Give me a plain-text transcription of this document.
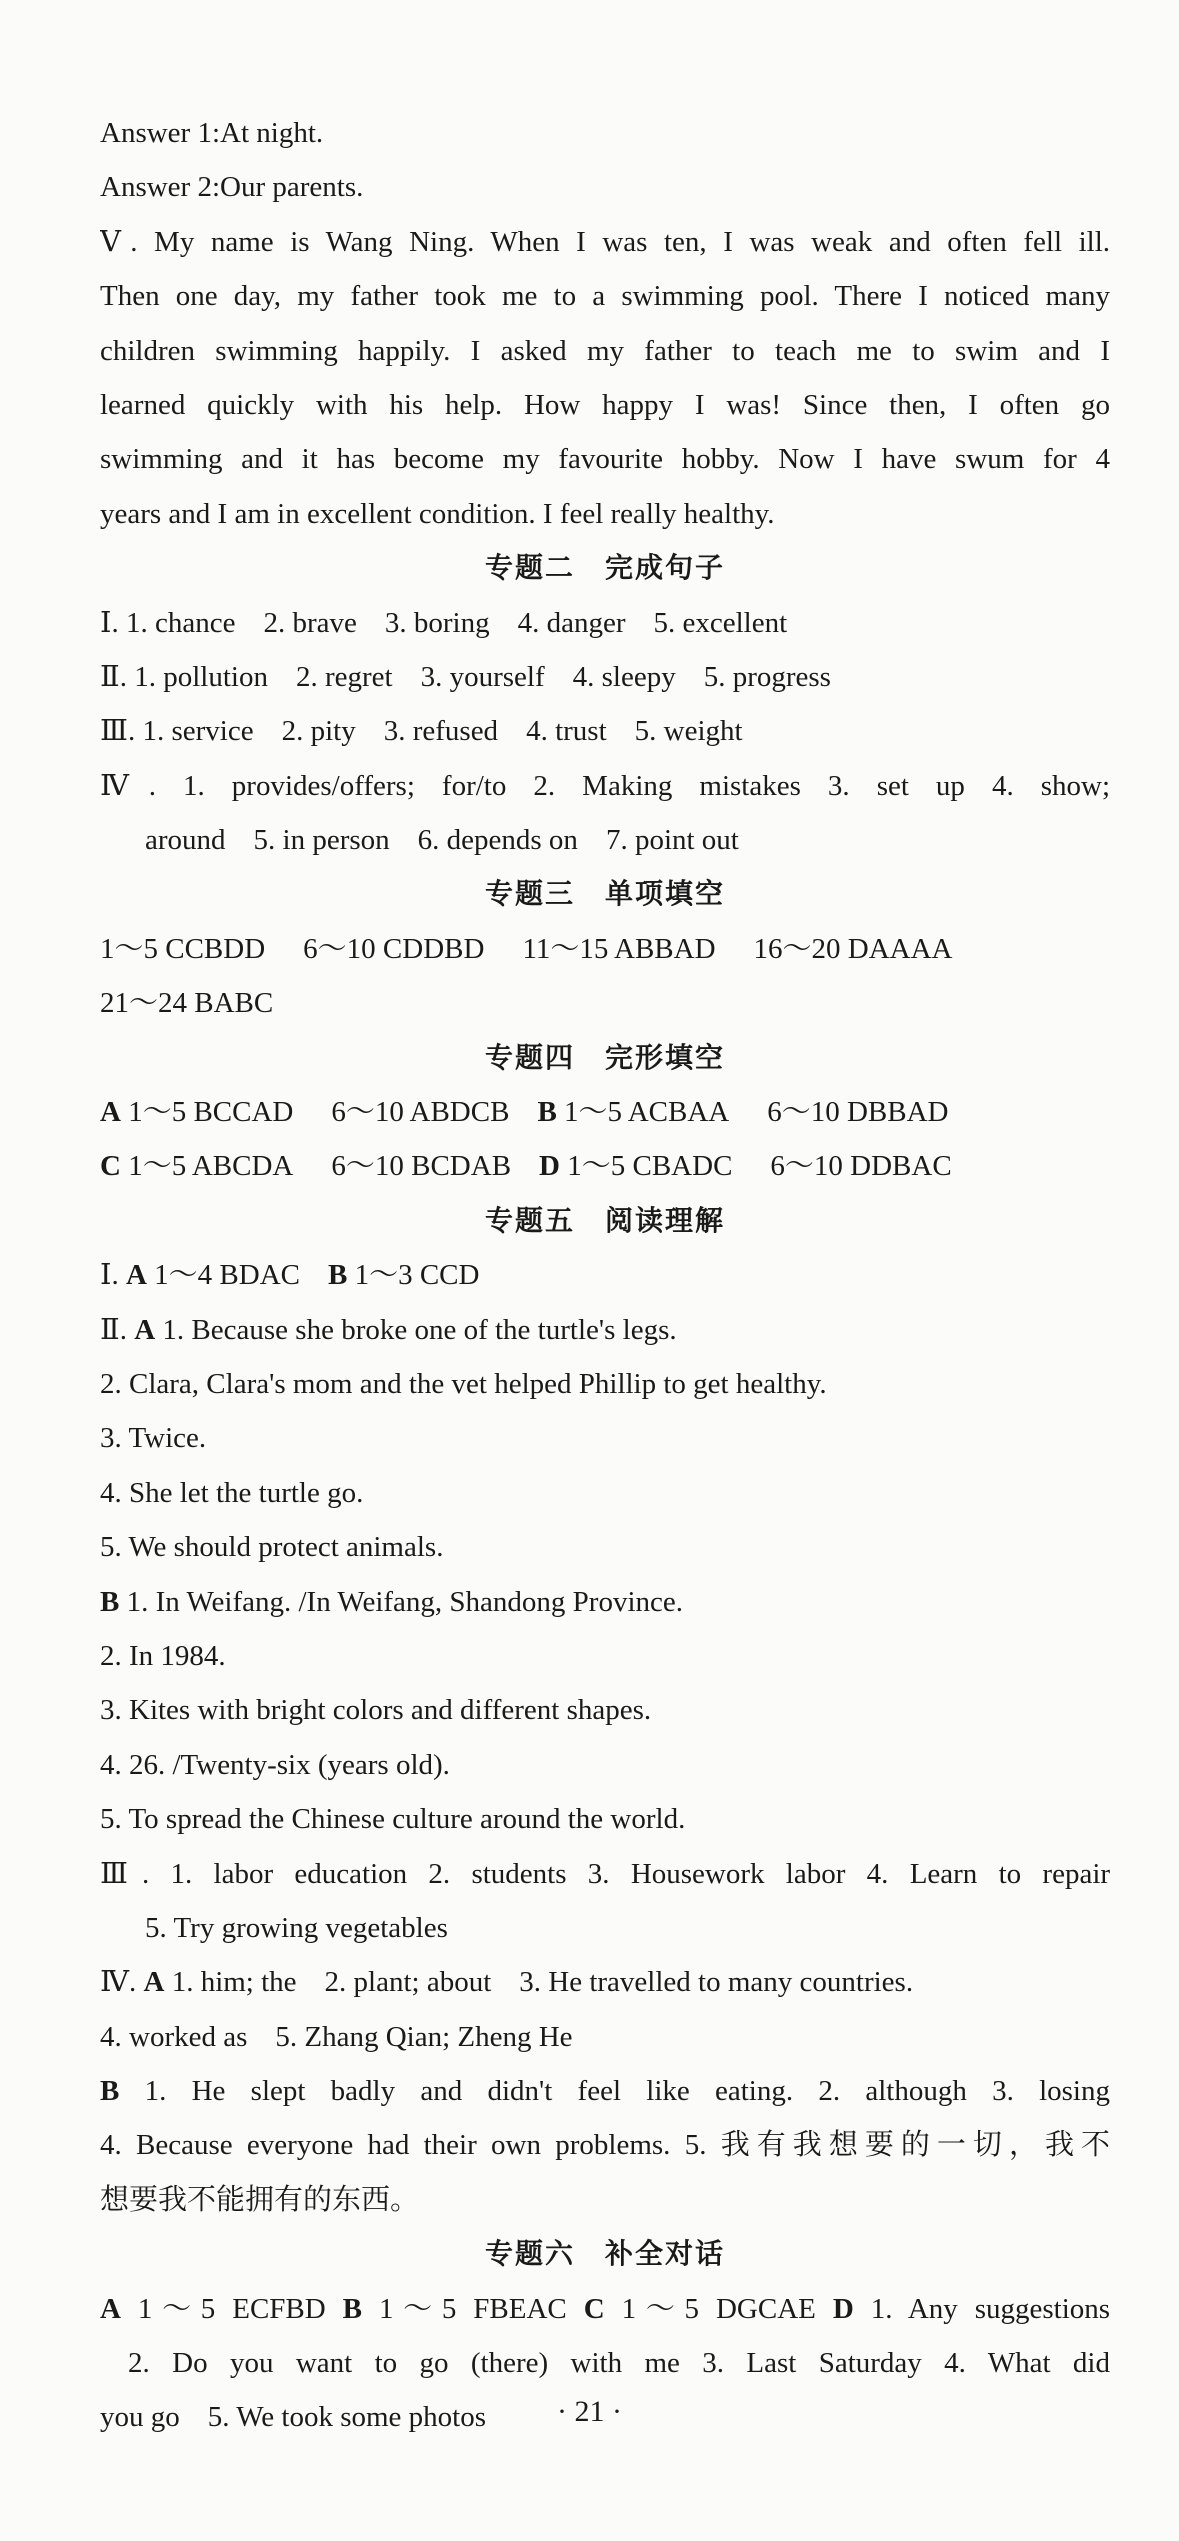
Answer 1:At night.
Answer 2:Our parents.
Ⅴ. My name is Wang Ning. When I was ten, I was weak and often fell ill.
Then one day, my father took me to a swimming pool. There I noticed many
children swimming happily. I asked my father to teach me to swim and I
learned quickly with his help. How happy I was! Since then, I often go
swimming and it has become my favourite hobby. Now I have swum for 4
years and I am in excellent condition. I feel really healthy.
专题二　完成句子
Ⅰ. 1. chance 2. brave 3. boring 4. danger 5. excellent
Ⅱ. 1. pollution 2. regret 3. yourself 4. sleepy 5. progress
Ⅲ. 1. service 2. pity 3. refused 4. trust 5. weight
Ⅳ. 1. provides/offers; for/to 2. Making mistakes 3. set up 4. show;
around 5. in person 6. depends on 7. point out
专题三　单项填空
1～5 CCBDD 6～10 CDDBD 11～15 ABBAD 16～20 DAAAA
21～24 BABC
专题四　完形填空
A 1～5 BCCAD 6～10 ABDCB B 1～5 ACBAA 6～10 DBBAD
C 1～5 ABCDA 6～10 BCDAB D 1～5 CBADC 6～10 DDBAC
专题五　阅读理解
Ⅰ. A 1～4 BDAC B 1～3 CCD
Ⅱ. A 1. Because she broke one of the turtle's legs.
2. Clara, Clara's mom and the vet helped Phillip to get healthy.
3. Twice.
4. She let the turtle go.
5. We should protect animals.
B 1. In Weifang. /In Weifang, Shandong Province.
2. In 1984.
3. Kites with bright colors and different shapes.
4. 26. /Twenty-six (years old).
5. To spread the Chinese culture around the world.
Ⅲ. 1. labor education 2. students 3. Housework labor 4. Learn to repair
5. Try growing vegetables
Ⅳ. A 1. him; the 2. plant; about 3. He travelled to many countries.
4. worked as 5. Zhang Qian; Zheng He
B 1. He slept badly and didn't feel like eating. 2. although 3. losing
4. Because everyone had their own problems. 5. 我有我想要的一切，我不
想要我不能拥有的东西。
专题六　补全对话
A 1～5 ECFBD B 1～5 FBEAC C 1～5 DGCAE D 1. Any suggestions
2. Do you want to go (there) with me 3. Last Saturday 4. What did
you go 5. We took some photos	· 21 ·
